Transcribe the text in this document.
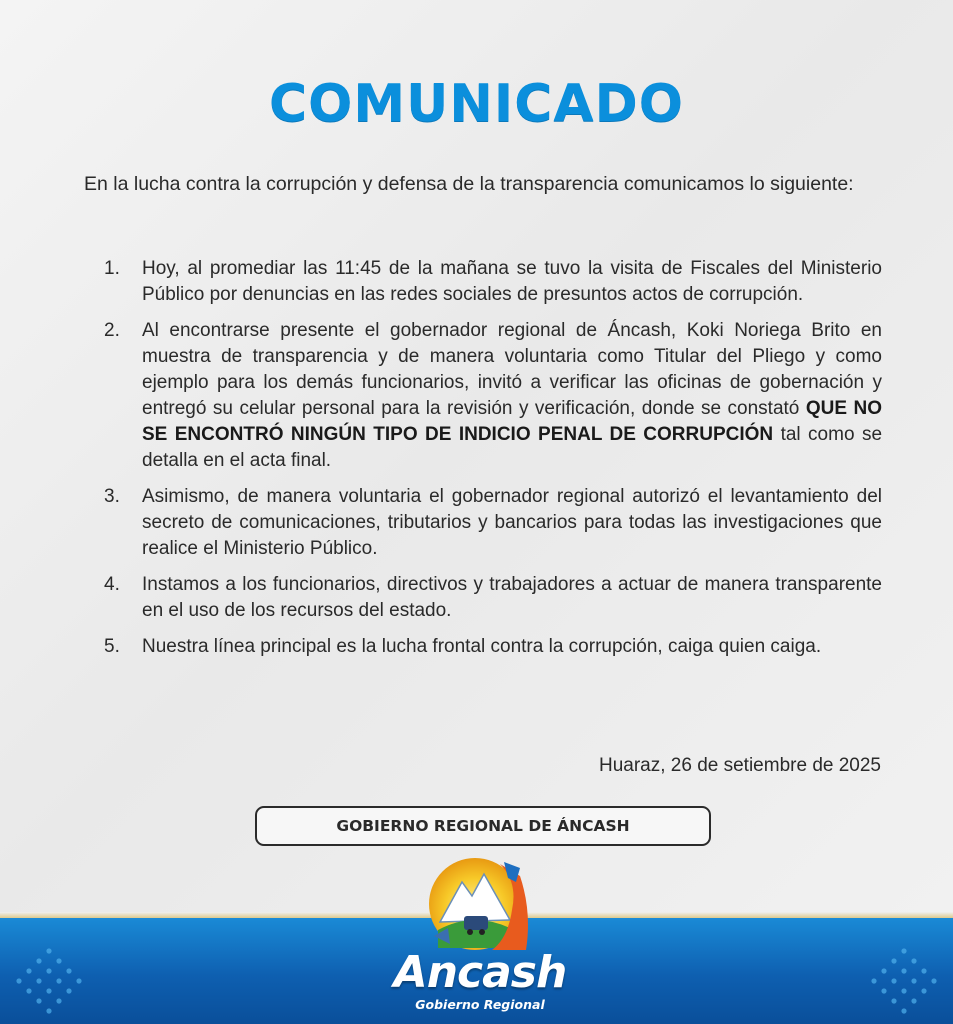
COMUNICADO

En la lucha contra la corrupción y defensa de la transparencia comunicamos lo siguiente:

1. Hoy, al promediar las 11:45 de la mañana se tuvo la visita de Fiscales del Ministerio Público por denuncias en las redes sociales de presuntos actos de corrupción.
2. Al encontrarse presente el gobernador regional de Áncash, Koki Noriega Brito en muestra de transparencia y de manera voluntaria como Titular del Pliego y como ejemplo para los demás funcionarios, invitó a verificar las oficinas de gobernación y entregó su celular personal para la revisión y verificación, donde se constató QUE NO SE ENCONTRÓ NINGÚN TIPO DE INDICIO PENAL DE CORRUPCIÓN tal como se detalla en el acta final.
3. Asimismo, de manera voluntaria el gobernador regional autorizó el levantamiento del secreto de comunicaciones, tributarios y bancarios para todas las investigaciones que realice el Ministerio Público.
4. Instamos a los funcionarios, directivos y trabajadores a actuar de manera transparente en el uso de los recursos del estado.
5. Nuestra línea principal es la lucha frontal contra la corrupción, caiga quien caiga.
Huaraz, 26 de setiembre de 2025
GOBIERNO REGIONAL DE ÁNCASH
Ancash
Gobierno Regional
